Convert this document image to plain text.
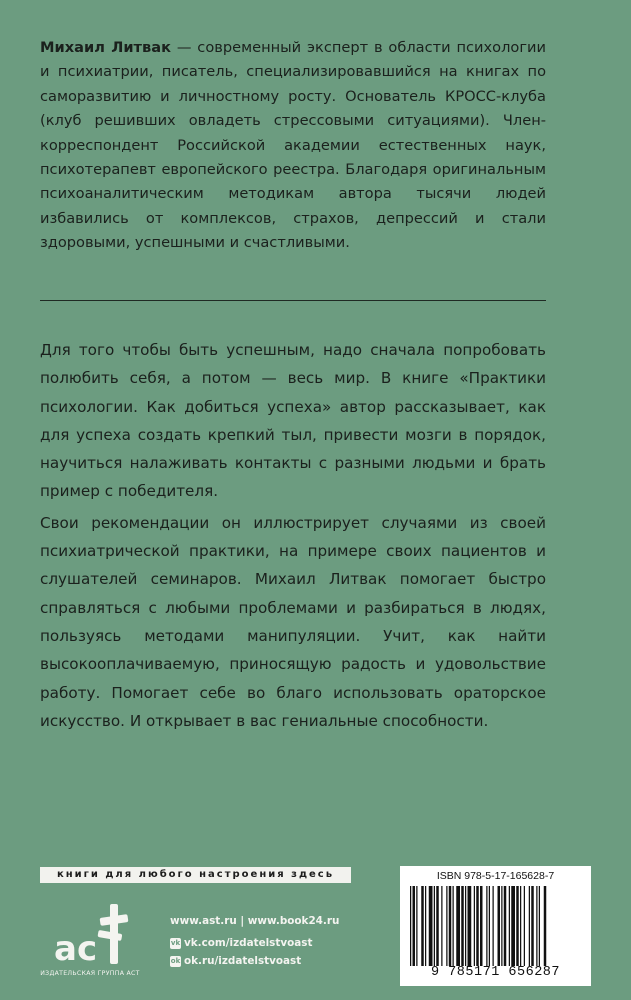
Михаил Литвак — современный эксперт в области психологии и психиатрии, писатель, специализировавшийся на книгах по саморазвитию и личностному росту. Основатель КРОСС-клуба (клуб решивших овладеть стрессовыми ситуациями). Член-корреспондент Российской академии естественных наук, психотерапевт европейского реестра. Благодаря оригинальным психоаналитическим методикам автора тысячи людей избавились от комплексов, страхов, депрессий и стали здоровыми, успешными и счастливыми.

Для того чтобы быть успешным, надо сначала попробовать полюбить себя, а потом — весь мир. В книге «Практики психологии. Как добиться успеха» автор рассказывает, как для успеха создать крепкий тыл, привести мозги в порядок, научиться налаживать контакты с разными людьми и брать пример с победителя.

Свои рекомендации он иллюстрирует случаями из своей психиатрической практики, на примере своих пациентов и слушателей семинаров. Михаил Литвак помогает быстро справляться с любыми проблемами и разбираться в людях, пользуясь методами манипуляции. Учит, как найти высокооплачиваемую, приносящую радость и удовольствие работу. Помогает себе во благо использовать ораторское искусство. И открывает в вас гениальные способности.

книги для любого настроения здесь
ac
ИЗДАТЕЛЬСКАЯ ГРУППА АСТ
www.ast.ru | www.book24.ru
vk vk.com/izdatelstvoast
ok ok.ru/izdatelstvoast
ISBN 978-5-17-165628-7
9 785171 656287
